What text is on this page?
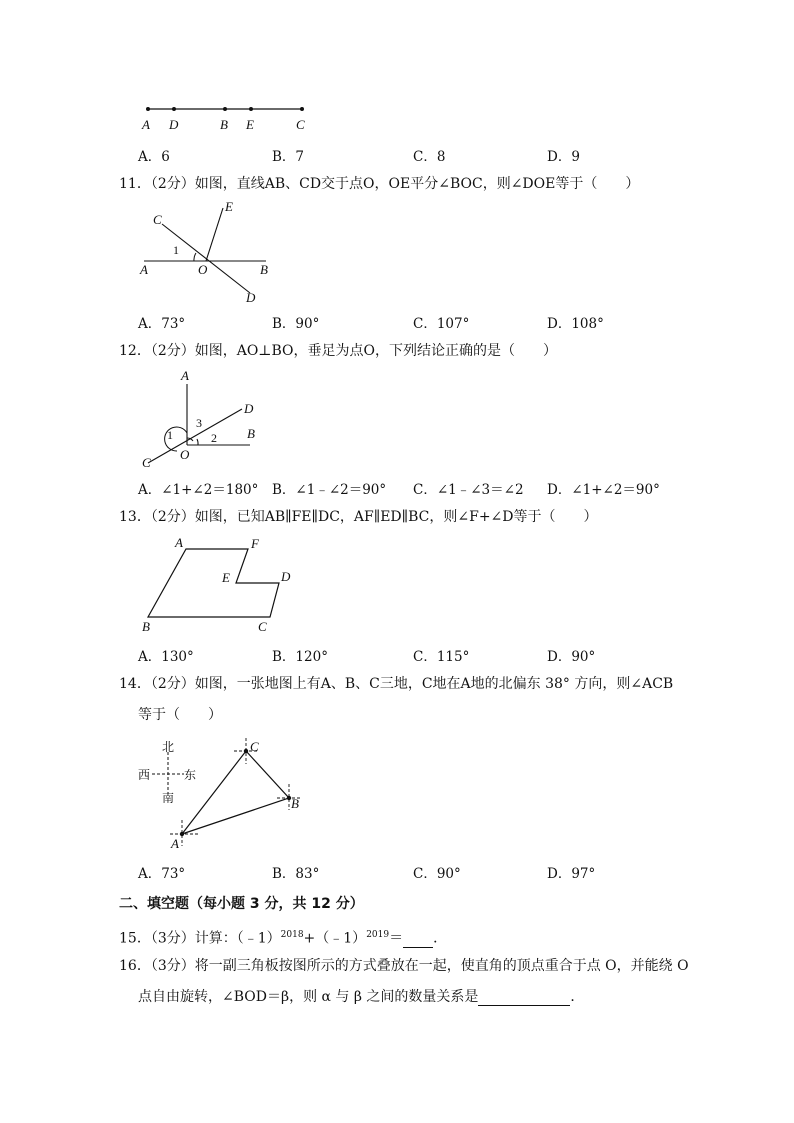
A D	B E	C
A．6	B．7	C．8	D．9
11．（2分）如图，直线AB、CD交于点O，OE平分∠BOC，则∠DOE等于（　　）
C
E
1
A	O	B
D
A．73°	B．90°	C．107°	D．108°
12．（2分）如图，AO⊥BO，垂足为点O，下列结论正确的是（　　）
A
D
3
1	2 B
O
C
A．∠1+∠2＝180° B．∠1﹣∠2＝90° C．∠1﹣∠3＝∠2 D．∠1+∠2＝90°
13．（2分）如图，已知AB∥FE∥DC，AF∥ED∥BC，则∠F+∠D等于（　　）
A	F
E	D
B	C
A．130°	B．120°	C．115°	D．90°
14．（2分）如图，一张地图上有A、B、C三地，C地在A地的北偏东 38° 方向，则∠ACB
等于（　　）
北
西	东
南
A
B
C
A．73°	B．83°	C．90°	D．97°
二、填空题（每小题 3 分，共 12 分）
15．（3分）计算：（﹣1）$^{2018}$+（﹣1）$^{2019}$＝ ．
16．（3分）将一副三角板按图所示的方式叠放在一起，使直角的顶点重合于点 O，并能绕 O
点自由旋转，∠BOD＝β，则 α 与 β 之间的数量关系是	．
